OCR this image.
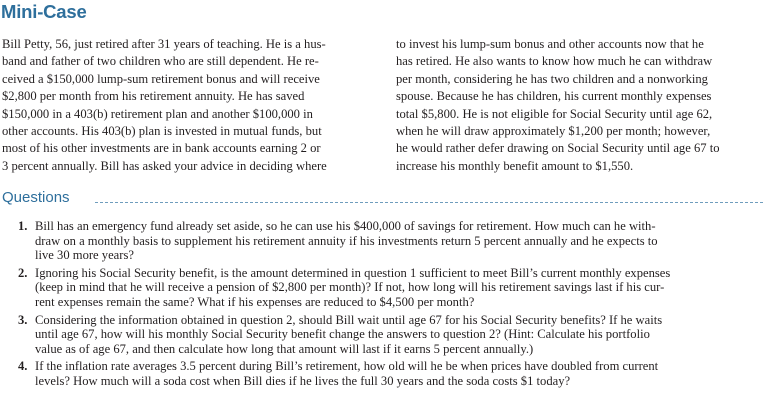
Mini-Case
Bill Petty, 56, just retired after 31 years of teaching. He is a hus-
band and father of two children who are still dependent. He re-
ceived a $150,000 lump-sum retirement bonus and will receive
$2,800 per month from his retirement annuity. He has saved
$150,000 in a 403(b) retirement plan and another $100,000 in
other accounts. His 403(b) plan is invested in mutual funds, but
most of his other investments are in bank accounts earning 2 or
3 percent annually. Bill has asked your advice in deciding where
to invest his lump-sum bonus and other accounts now that he
has retired. He also wants to know how much he can withdraw
per month, considering he has two children and a nonworking
spouse. Because he has children, his current monthly expenses
total $5,800. He is not eligible for Social Security until age 62,
when he will draw approximately $1,200 per month; however,
he would rather defer drawing on Social Security until age 67 to
increase his monthly benefit amount to $1,550.
Questions
1. Bill has an emergency fund already set aside, so he can use his $400,000 of savings for retirement. How much can he with-
draw on a monthly basis to supplement his retirement annuity if his investments return 5 percent annually and he expects to
live 30 more years?
2. Ignoring his Social Security benefit, is the amount determined in question 1 sufficient to meet Bill’s current monthly expenses
(keep in mind that he will receive a pension of $2,800 per month)? If not, how long will his retirement savings last if his cur-
rent expenses remain the same? What if his expenses are reduced to $4,500 per month?
3. Considering the information obtained in question 2, should Bill wait until age 67 for his Social Security benefits? If he waits
until age 67, how will his monthly Social Security benefit change the answers to question 2? (Hint: Calculate his portfolio
value as of age 67, and then calculate how long that amount will last if it earns 5 percent annually.)
4. If the inflation rate averages 3.5 percent during Bill’s retirement, how old will he be when prices have doubled from current
levels? How much will a soda cost when Bill dies if he lives the full 30 years and the soda costs $1 today?
